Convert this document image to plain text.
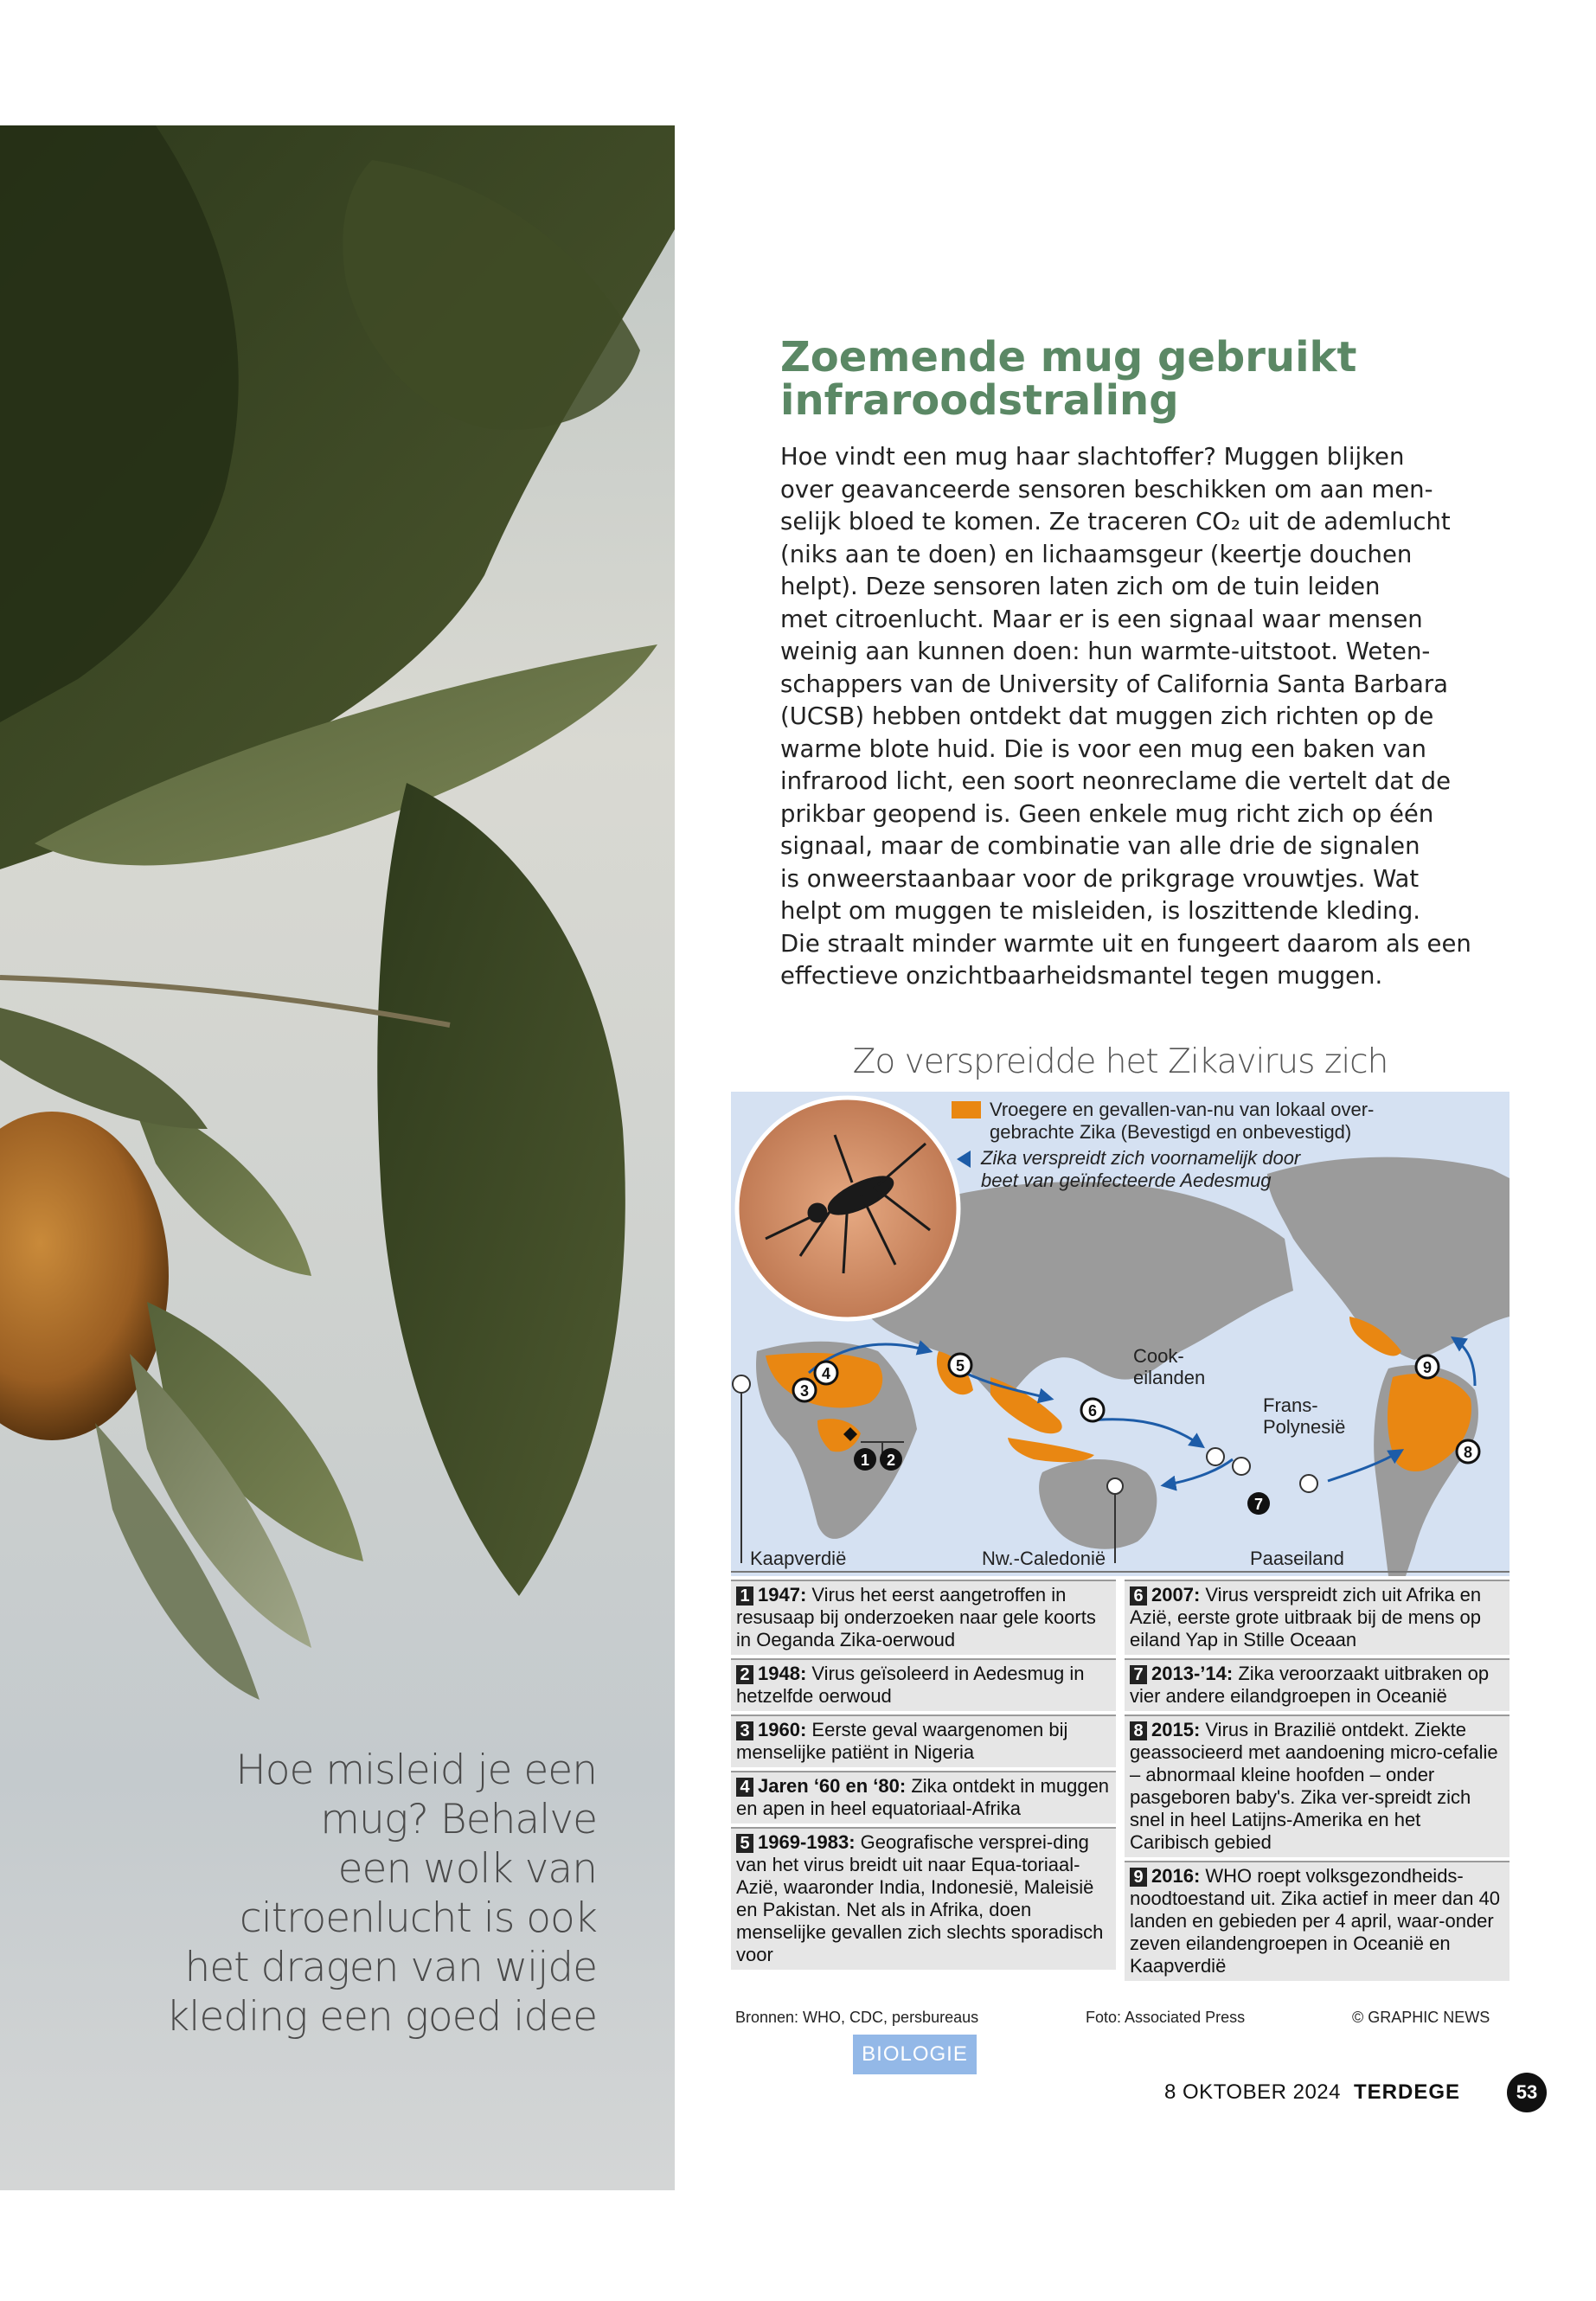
Hoe misleid je een
mug? Behalve
een wolk van
citroenlucht is ook
het dragen van wijde
kleding een goed idee
Zoemende mug gebruikt
infraroodstraling
Hoe vindt een mug haar slachtoffer? Muggen blijken
over geavanceerde sensoren beschikken om aan men-
selijk bloed te komen. Ze traceren CO₂ uit de ademlucht
(niks aan te doen) en lichaamsgeur (keertje douchen
helpt). Deze sensoren laten zich om de tuin leiden
met citroenlucht. Maar er is een signaal waar mensen
weinig aan kunnen doen: hun warmte-uitstoot. Weten-
schappers van de University of California Santa Barbara
(UCSB) hebben ontdekt dat muggen zich richten op de
warme blote huid. Die is voor een mug een baken van
infrarood licht, een soort neonreclame die vertelt dat de
prikbar geopend is. Geen enkele mug richt zich op één
signaal, maar de combinatie van alle drie de signalen
is onweerstaanbaar voor de prikgrage vrouwtjes. Wat
helpt om muggen te misleiden, is loszittende kleding.
Die straalt minder warmte uit en fungeert daarom als een
effectieve onzichtbaarheidsmantel tegen muggen.
Zo verspreidde het Zikavirus zich
3
4
1 2
5
6
7
8
9
Vroegere en gevallen-van-nu van lokaal over-
gebrachte Zika (Bevestigd en onbevestigd)
Zika verspreidt zich voornamelijk door
beet van geïnfecteerde Aedesmug
Cook-
eilanden
Frans-
Polynesië
Kaapverdië	Nw.-Caledonië	Paaseiland
1 1947: Virus het eerst aangetroffen in resusaap bij onderzoeken naar gele koorts in Oeganda Zika-oerwoud
2 1948: Virus geïsoleerd in Aedesmug in hetzelfde oerwoud
3 1960: Eerste geval waargenomen bij menselijke patiënt in Nigeria
4 Jaren ‘60 en ‘80: Zika ontdekt in muggen en apen in heel equatoriaal-Afrika
5 1969-1983: Geografische versprei-ding van het virus breidt uit naar Equa-toriaal-Azië, waaronder India, Indonesië, Maleisië en Pakistan. Net als in Afrika, doen menselijke gevallen zich slechts sporadisch voor
6 2007: Virus verspreidt zich uit Afrika en Azië, eerste grote uitbraak bij de mens op eiland Yap in Stille Oceaan
7 2013-’14: Zika veroorzaakt uitbraken op vier andere eilandgroepen in Oceanië
8 2015: Virus in Brazilië ontdekt. Ziekte geassocieerd met aandoening micro-cefalie – abnormaal kleine hoofden – onder pasgeboren baby's. Zika ver-spreidt zich snel in heel Latijns-Amerika en het Caribisch gebied
9 2016: WHO roept volksgezondheids-noodtoestand uit. Zika actief in meer dan 40 landen en gebieden per 4 april, waar-onder zeven eilandengroepen in Oceanië en Kaapverdië
Bronnen: WHO, CDC, persbureaus	Foto: Associated Press	© GRAPHIC NEWS
BIOLOGIE
8 OKTOBER 2024 TERDEGE	53
